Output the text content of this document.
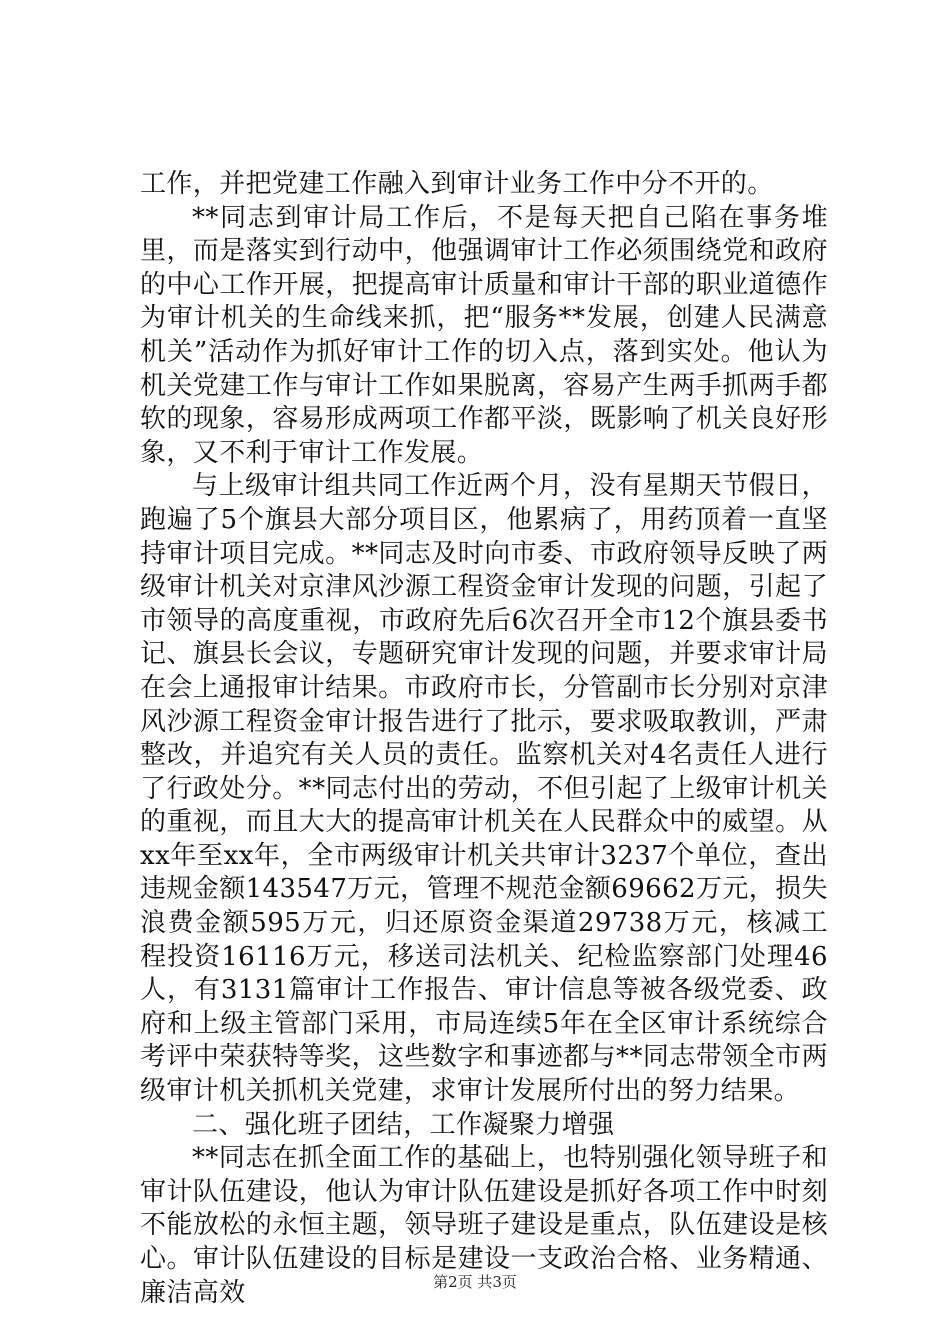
工作，并把党建工作融入到审计业务工作中分不开的。

**同志到审计局工作后，不是每天把自己陷在事务堆里，而是落实到行动中，他强调审计工作必须围绕党和政府的中心工作开展，把提高审计质量和审计干部的职业道德作为审计机关的生命线来抓，把“服务**发展，创建人民满意机关”活动作为抓好审计工作的切入点，落到实处。他认为机关党建工作与审计工作如果脱离，容易产生两手抓两手都软的现象，容易形成两项工作都平淡，既影响了机关良好形象，又不利于审计工作发展。

与上级审计组共同工作近两个月，没有星期天节假日，跑遍了5个旗县大部分项目区，他累病了，用药顶着一直坚持审计项目完成。**同志及时向市委、市政府领导反映了两级审计机关对京津风沙源工程资金审计发现的问题，引起了市领导的高度重视，市政府先后6次召开全市12个旗县委书记、旗县长会议，专题研究审计发现的问题，并要求审计局在会上通报审计结果。市政府市长，分管副市长分别对京津风沙源工程资金审计报告进行了批示，要求吸取教训，严肃整改，并追究有关人员的责任。监察机关对4名责任人进行了行政处分。**同志付出的劳动，不但引起了上级审计机关的重视，而且大大的提高审计机关在人民群众中的威望。从xx年至xx年，全市两级审计机关共审计3237个单位，查出违规金额143547万元，管理不规范金额69662万元，损失浪费金额595万元，归还原资金渠道29738万元，核减工程投资16116万元，移送司法机关、纪检监察部门处理46人，有3131篇审计工作报告、审计信息等被各级党委、政府和上级主管部门采用，市局连续5年在全区审计系统综合考评中荣获特等奖，这些数字和事迹都与**同志带领全市两级审计机关抓机关党建，求审计发展所付出的努力结果。

二、强化班子团结，工作凝聚力增强

**同志在抓全面工作的基础上，也特别强化领导班子和审计队伍建设，他认为审计队伍建设是抓好各项工作中时刻不能放松的永恒主题，领导班子建设是重点，队伍建设是核心。审计队伍建设的目标是建设一支政治合格、业务精通、廉洁高效	第2页 共3页
